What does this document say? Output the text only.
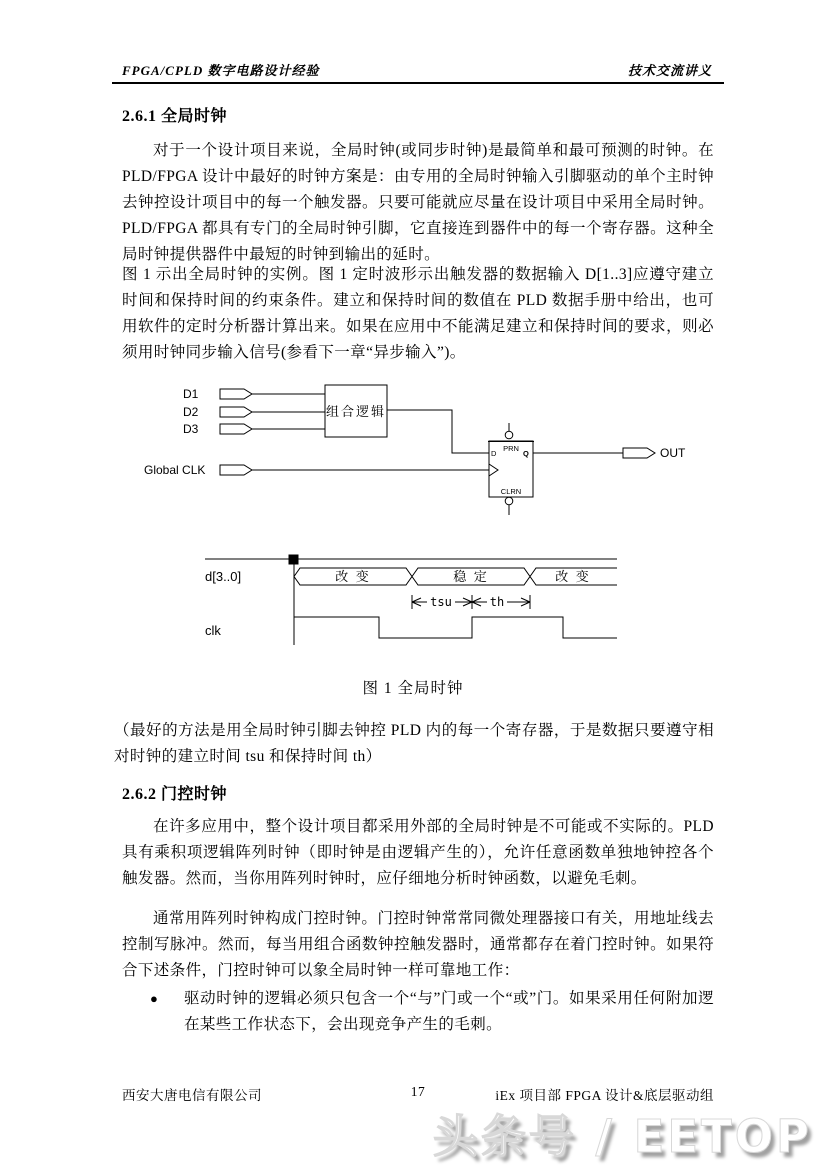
FPGA/CPLD 数字电路设计经验	技术交流讲义
2.6.1 全局时钟
对于一个设计项目来说，全局时钟(或同步时钟)是最简单和最可预测的时钟。在 PLD/FPGA 设计中最好的时钟方案是：由专用的全局时钟输入引脚驱动的单个主时钟去钟控设计项目中的每一个触发器。只要可能就应尽量在设计项目中采用全局时钟。PLD/FPGA 都具有专门的全局时钟引脚，它直接连到器件中的每一个寄存器。这种全局时钟提供器件中最短的时钟到输出的延时。
图 1 示出全局时钟的实例。图 1 定时波形示出触发器的数据输入 D[1..3]应遵守建立时间和保持时间的约束条件。建立和保持时间的数值在 PLD 数据手册中给出，也可用软件的定时分析器计算出来。如果在应用中不能满足建立和保持时间的要求，则必须用时钟同步输入信号(参看下一章“异步输入”)。
D1
D2
D3
Global CLK
组合逻辑
PRN
D	Q
CLRN
OUT
d[3..0]
clk
改 变	稳 定	改 变
tsu	th
图 1 全局时钟
（最好的方法是用全局时钟引脚去钟控 PLD 内的每一个寄存器，于是数据只要遵守相对时钟的建立时间 tsu 和保持时间 th）
2.6.2 门控时钟
在许多应用中，整个设计项目都采用外部的全局时钟是不可能或不实际的。PLD 具有乘积项逻辑阵列时钟（即时钟是由逻辑产生的），允许任意函数单独地钟控各个触发器。然而，当你用阵列时钟时，应仔细地分析时钟函数，以避免毛刺。
通常用阵列时钟构成门控时钟。门控时钟常常同微处理器接口有关，用地址线去控制写脉冲。然而，每当用组合函数钟控触发器时，通常都存在着门控时钟。如果符合下述条件，门控时钟可以象全局时钟一样可靠地工作：
●	驱动时钟的逻辑必须只包含一个“与”门或一个“或”门。如果采用任何附加逻在某些工作状态下，会出现竞争产生的毛刺。
17
西安大唐电信有限公司	iEx 项目部 FPGA 设计&底层驱动组
头条号 / EETOP
